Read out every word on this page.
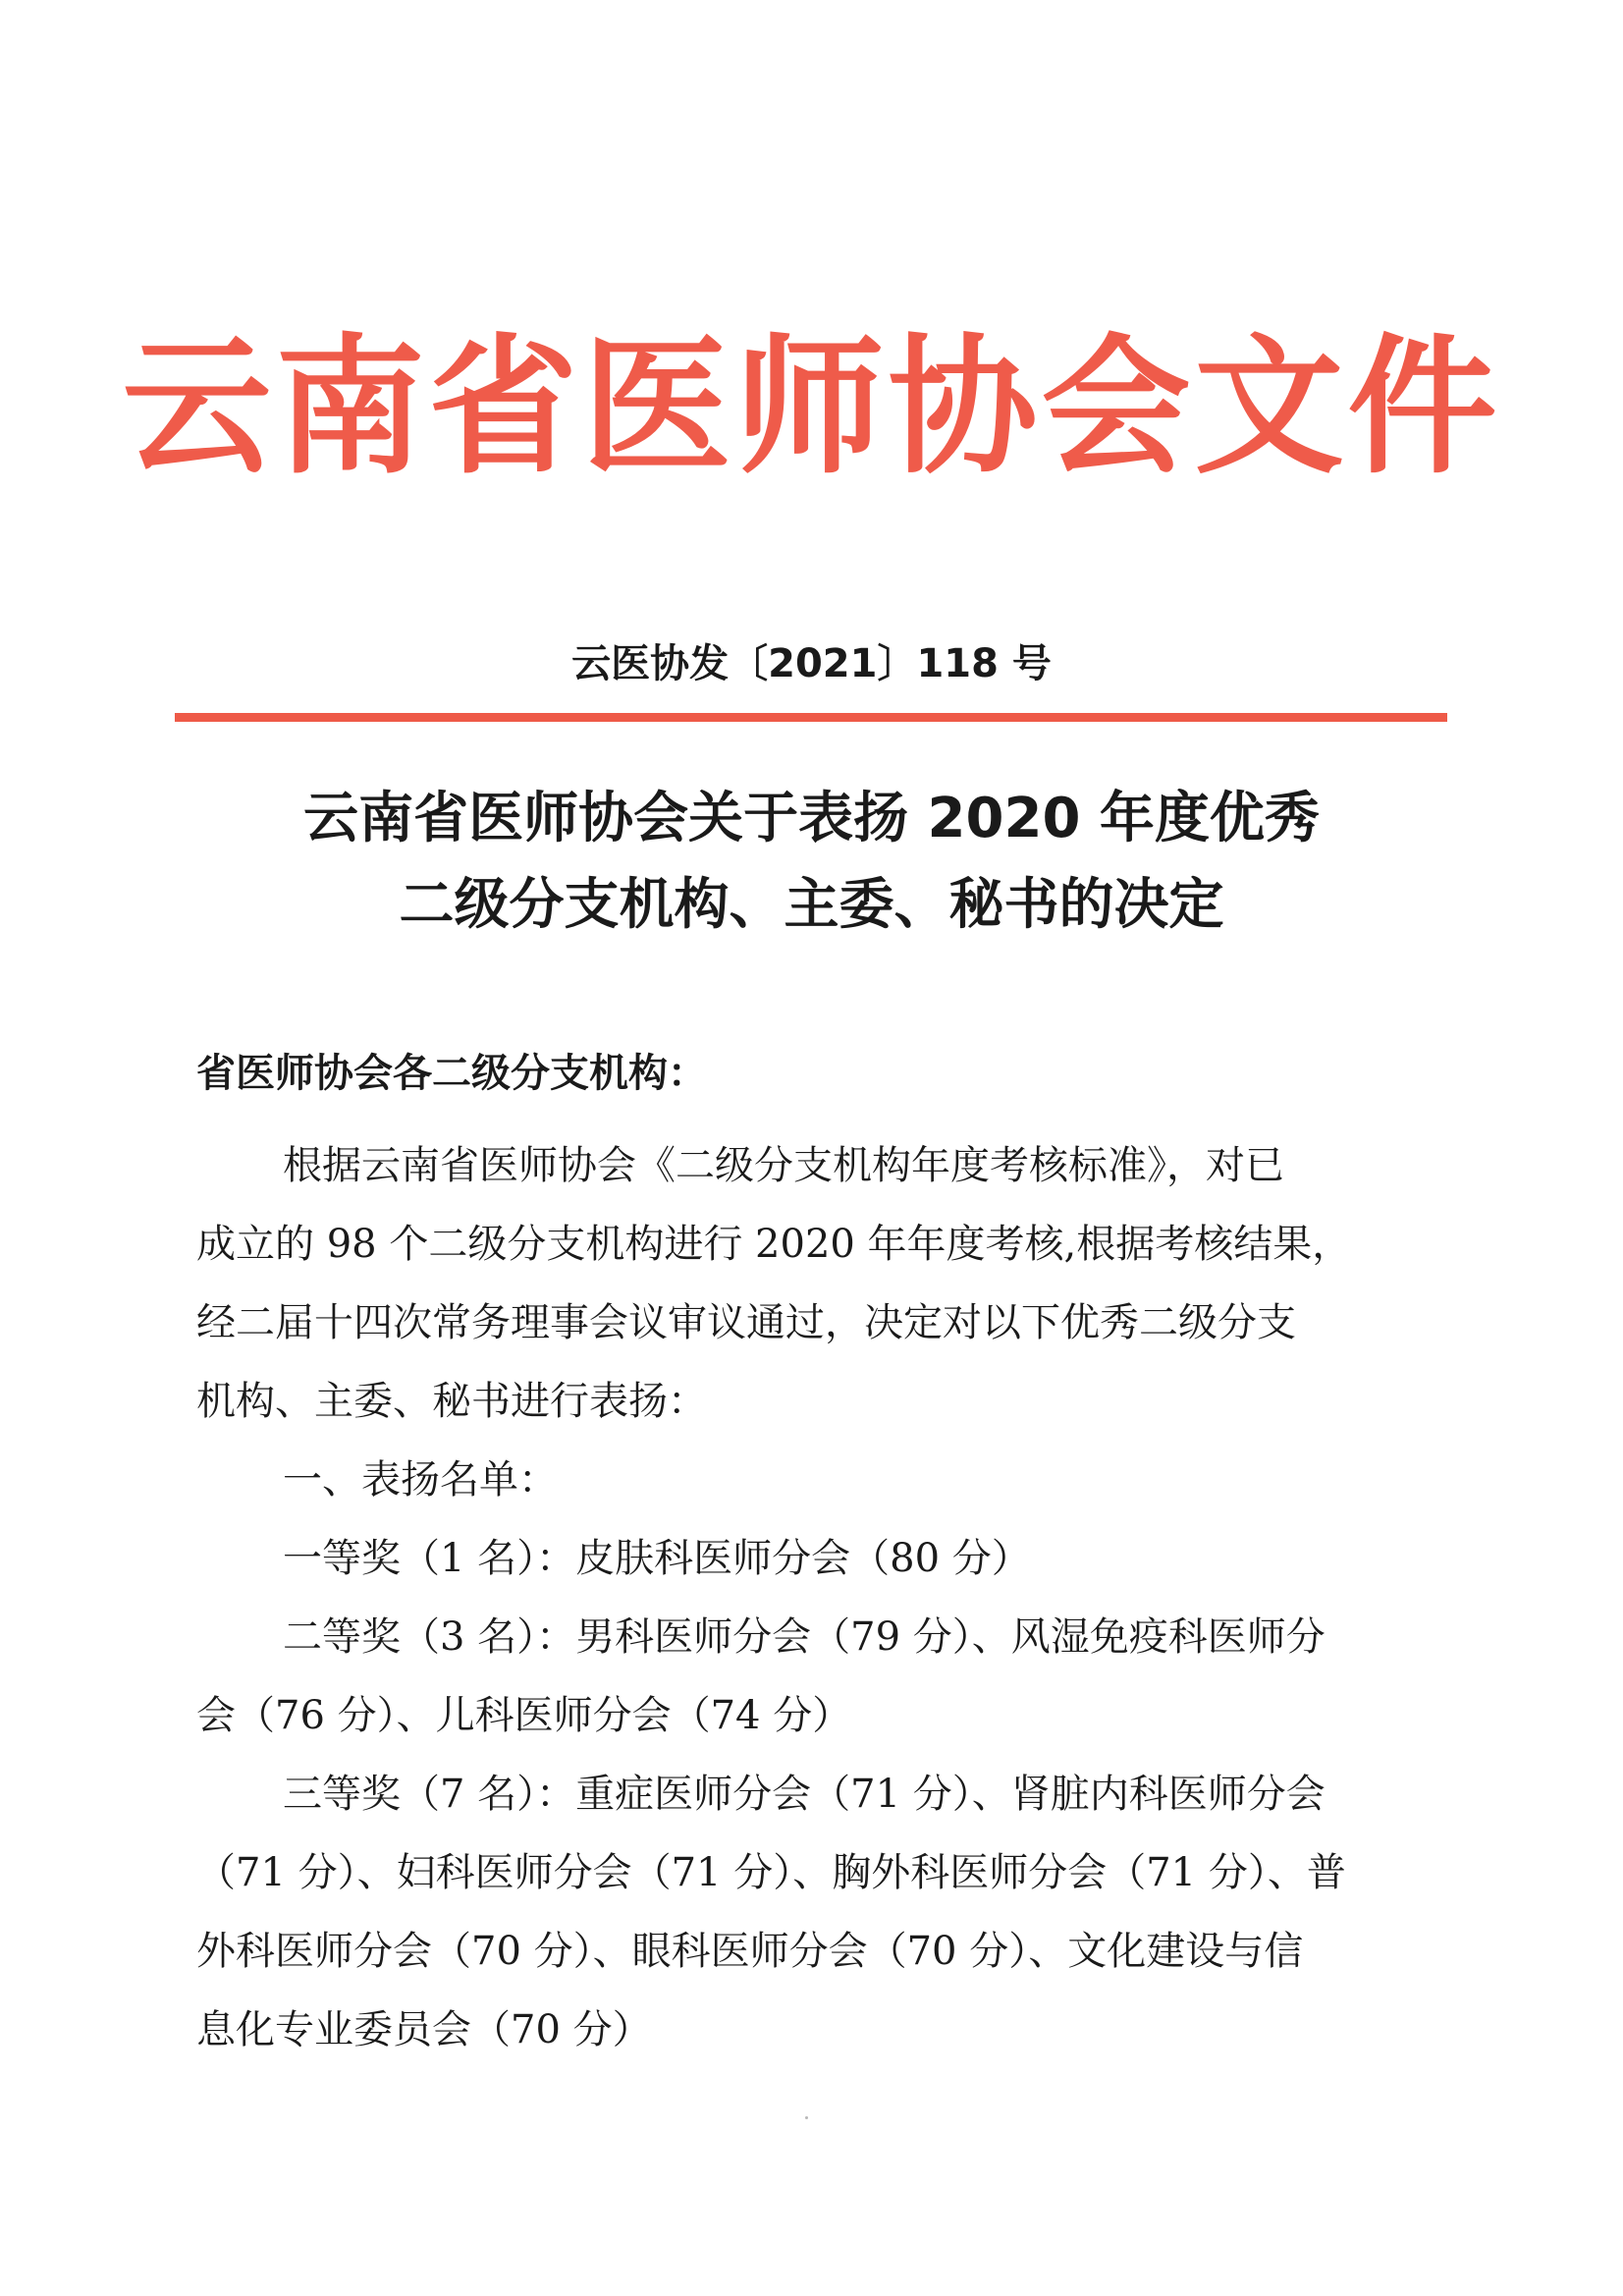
云南省医师协会文件
云医协发〔2021〕118 号
云南省医师协会关于表扬 2020 年度优秀
二级分支机构、主委、秘书的决定
省医师协会各二级分支机构：
根据云南省医师协会《二级分支机构年度考核标准》，对已
成立的 98 个二级分支机构进行 2020 年年度考核,根据考核结果，
经二届十四次常务理事会议审议通过，决定对以下优秀二级分支
机构、主委、秘书进行表扬：
一、表扬名单：
一等奖（1 名）：皮肤科医师分会（80 分）
二等奖（3 名）：男科医师分会（79 分）、风湿免疫科医师分
会（76 分）、儿科医师分会（74 分）
三等奖（7 名）：重症医师分会（71 分）、肾脏内科医师分会
（71 分）、妇科医师分会（71 分）、胸外科医师分会（71 分）、普
外科医师分会（70 分）、眼科医师分会（70 分）、文化建设与信
息化专业委员会（70 分）
